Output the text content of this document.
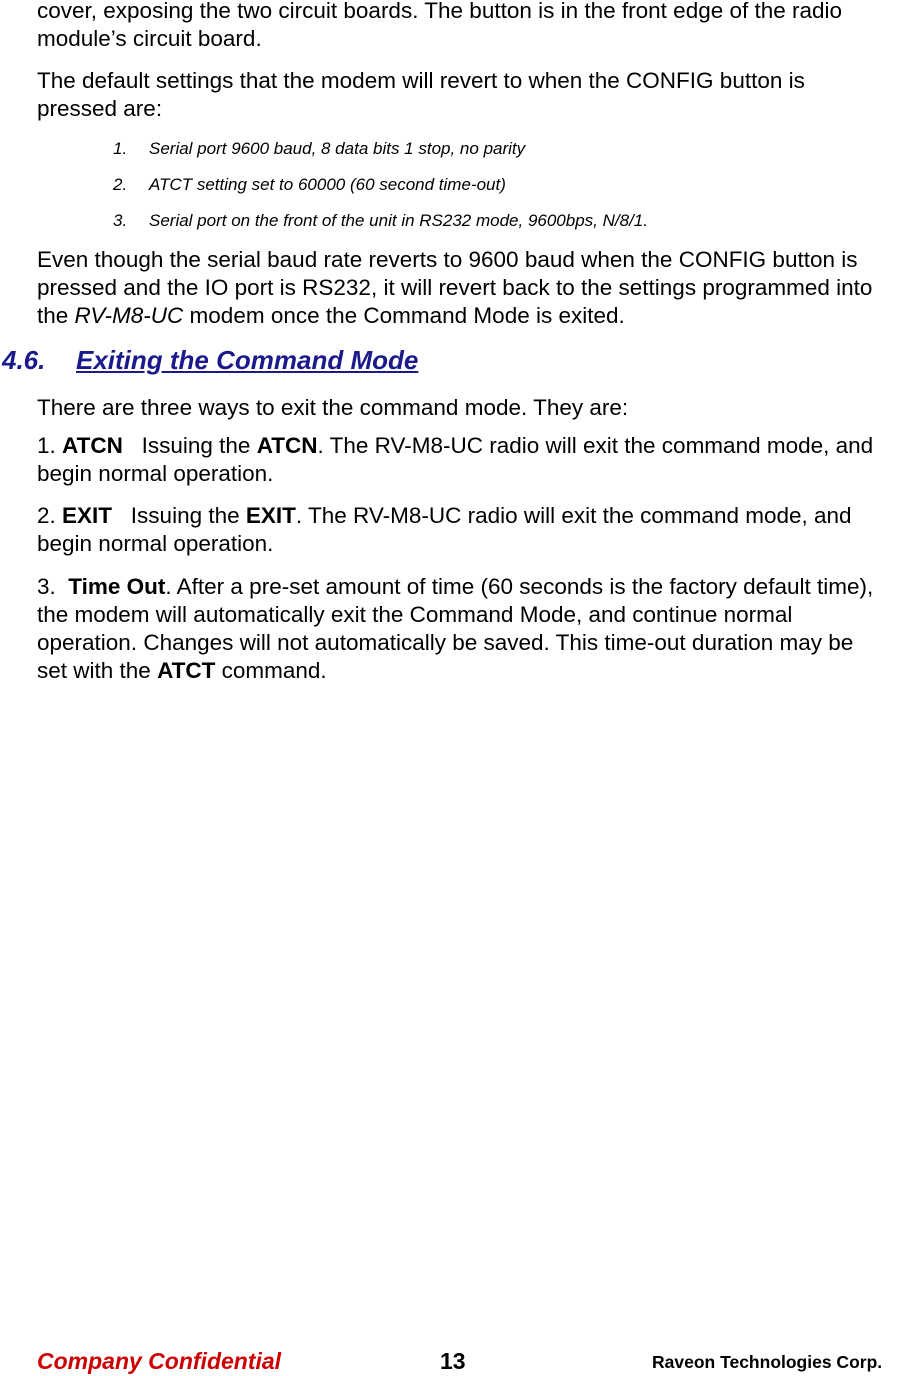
cover, exposing the two circuit boards. The button is in the front edge of the radio module’s circuit board.

The default settings that the modem will revert to when the CONFIG button is pressed are:

1. Serial port 9600 baud, 8 data bits 1 stop, no parity
2. ATCT setting set to 60000 (60 second time-out)
3. Serial port on the front of the unit in RS232 mode, 9600bps, N/8/1.

Even though the serial baud rate reverts to 9600 baud when the CONFIG button is pressed and the IO port is RS232, it will revert back to the settings programmed into the RV-M8-UC modem once the Command Mode is exited.

4.6. Exiting the Command Mode

There are three ways to exit the command mode. They are:

1. ATCN   Issuing the ATCN. The RV-M8-UC radio will exit the command mode, and begin normal operation.

2. EXIT   Issuing the EXIT. The RV-M8-UC radio will exit the command mode, and begin normal operation.

3.  Time Out. After a pre-set amount of time (60 seconds is the factory default time), the modem will automatically exit the Command Mode, and continue normal operation. Changes will not automatically be saved. This time-out duration may be set with the ATCT command.

Company Confidential	13	Raveon Technologies Corp.
